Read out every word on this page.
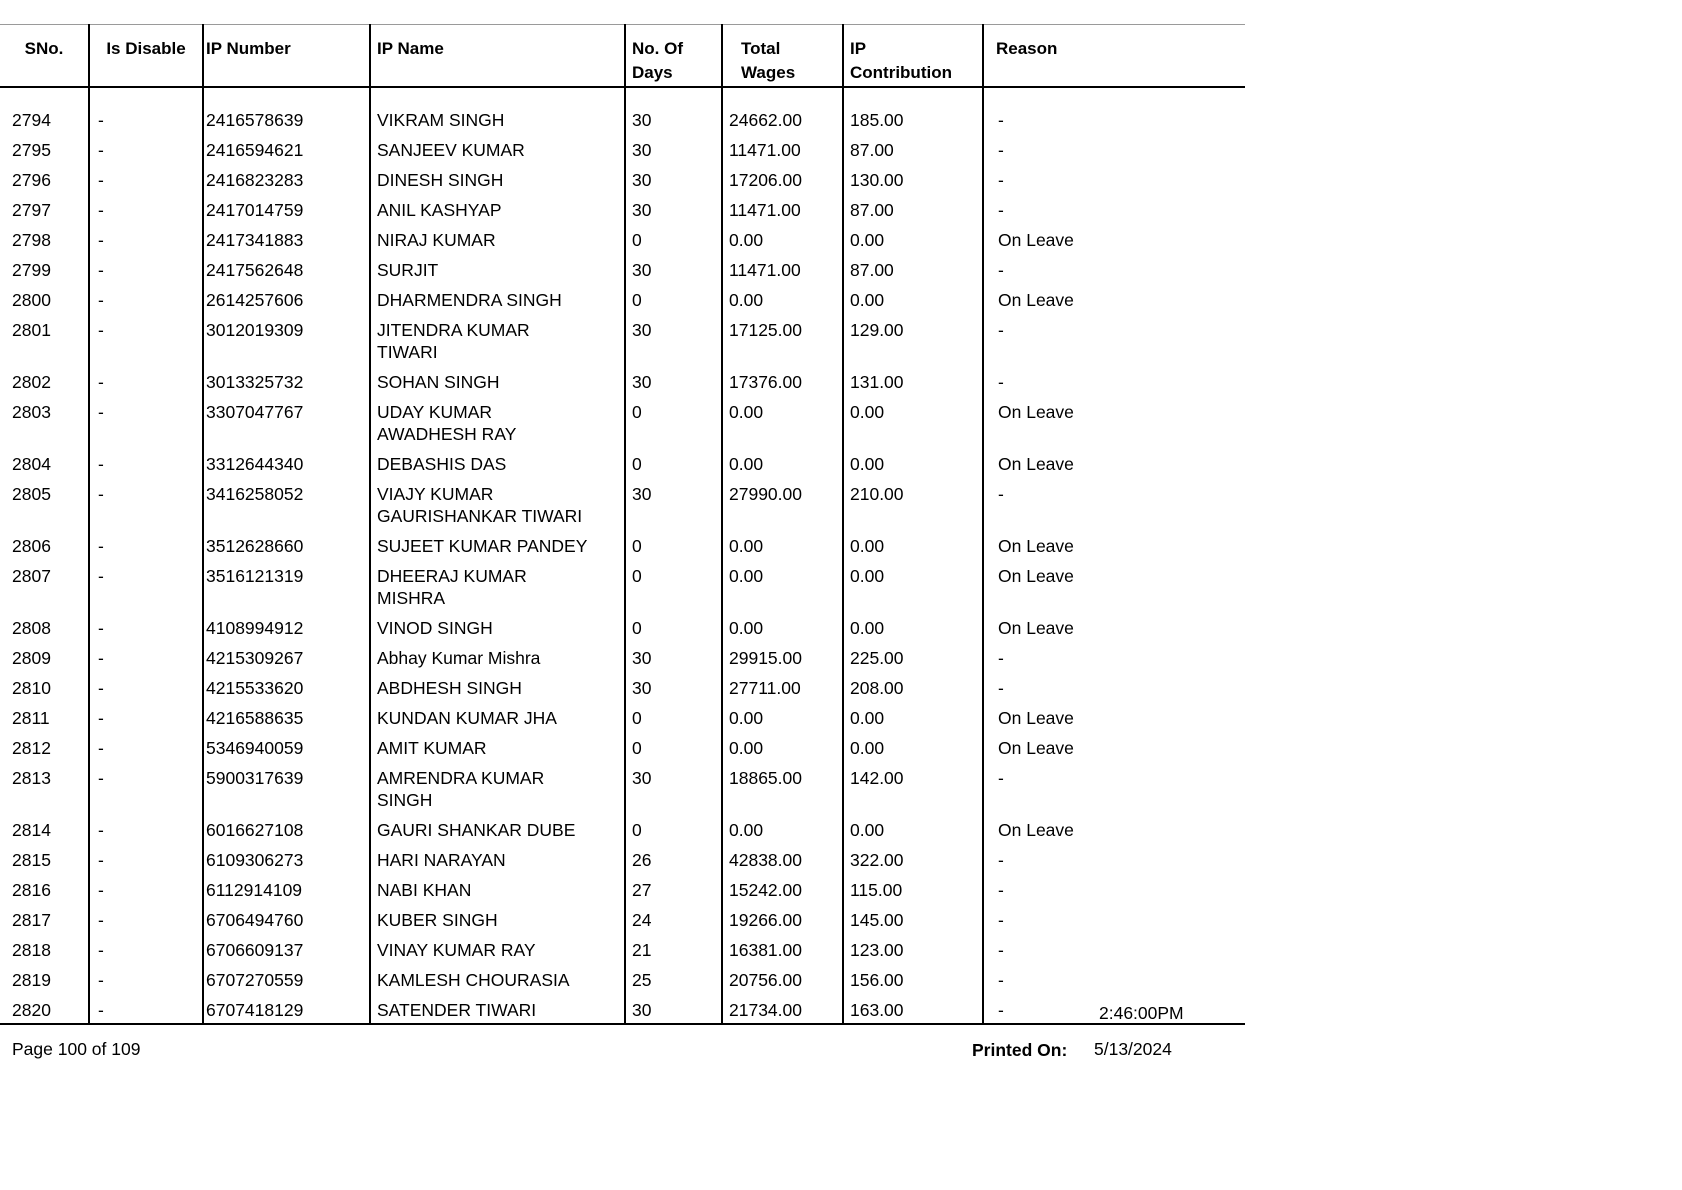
SNo.	Is Disable	IP Number	IP Name	No. Of Days	Total Wages	IP Contribution	Reason

2794	-	2416578639	VIKRAM SINGH	30	24662.00	185.00	-
2795	-	2416594621	SANJEEV KUMAR	30	11471.00	87.00	-
2796	-	2416823283	DINESH SINGH	30	17206.00	130.00	-
2797	-	2417014759	ANIL KASHYAP	30	11471.00	87.00	-
2798	-	2417341883	NIRAJ KUMAR	0	0.00	0.00	On Leave
2799	-	2417562648	SURJIT	30	11471.00	87.00	-
2800	-	2614257606	DHARMENDRA SINGH	0	0.00	0.00	On Leave
2801	-	3012019309	JITENDRA KUMAR
TIWARI	30	17125.00	129.00	-
2802	-	3013325732	SOHAN SINGH	30	17376.00	131.00	-
2803	-	3307047767	UDAY KUMAR
AWADHESH RAY	0	0.00	0.00	On Leave
2804	-	3312644340	DEBASHIS DAS	0	0.00	0.00	On Leave
2805	-	3416258052	VIAJY KUMAR
GAURISHANKAR TIWARI	30	27990.00	210.00	-
2806	-	3512628660	SUJEET KUMAR PANDEY	0	0.00	0.00	On Leave
2807	-	3516121319	DHEERAJ KUMAR
MISHRA	0	0.00	0.00	On Leave
2808	-	4108994912	VINOD SINGH	0	0.00	0.00	On Leave
2809	-	4215309267	Abhay Kumar Mishra	30	29915.00	225.00	-
2810	-	4215533620	ABDHESH SINGH	30	27711.00	208.00	-
2811	-	4216588635	KUNDAN KUMAR JHA	0	0.00	0.00	On Leave
2812	-	5346940059	AMIT KUMAR	0	0.00	0.00	On Leave
2813	-	5900317639	AMRENDRA KUMAR
SINGH	30	18865.00	142.00	-
2814	-	6016627108	GAURI SHANKAR DUBE	0	0.00	0.00	On Leave
2815	-	6109306273	HARI NARAYAN	26	42838.00	322.00	-
2816	-	6112914109	NABI KHAN	27	15242.00	115.00	-
2817	-	6706494760	KUBER SINGH	24	19266.00	145.00	-
2818	-	6706609137	VINAY KUMAR RAY	21	16381.00	123.00	-
2819	-	6707270559	KAMLESH CHOURASIA	25	20756.00	156.00	-
2820	-	6707418129	SATENDER TIWARI	30	21734.00	163.00	-	2:46:00PM
Page 100 of 109	Printed On: 5/13/2024
